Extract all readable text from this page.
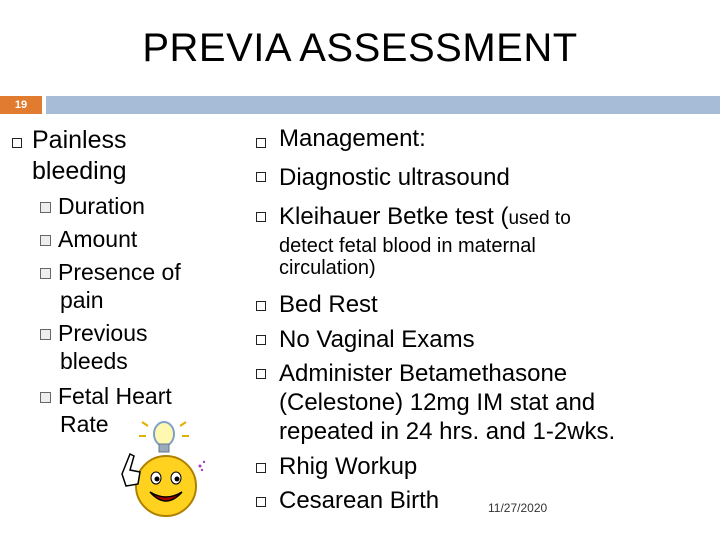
PREVIA ASSESSMENT
19
Painless
bleeding
Duration
Amount
Presence of
pain
Previous
bleeds
Fetal Heart
Rate
Management:
Diagnostic ultrasound
Kleihauer Betke test (used to
detect fetal blood in maternal
circulation)
Bed Rest
No Vaginal Exams
Administer Betamethasone
(Celestone) 12mg IM stat and
repeated in 24 hrs. and 1-2wks.
Rhig Workup
Cesarean Birth	11/27/2020
